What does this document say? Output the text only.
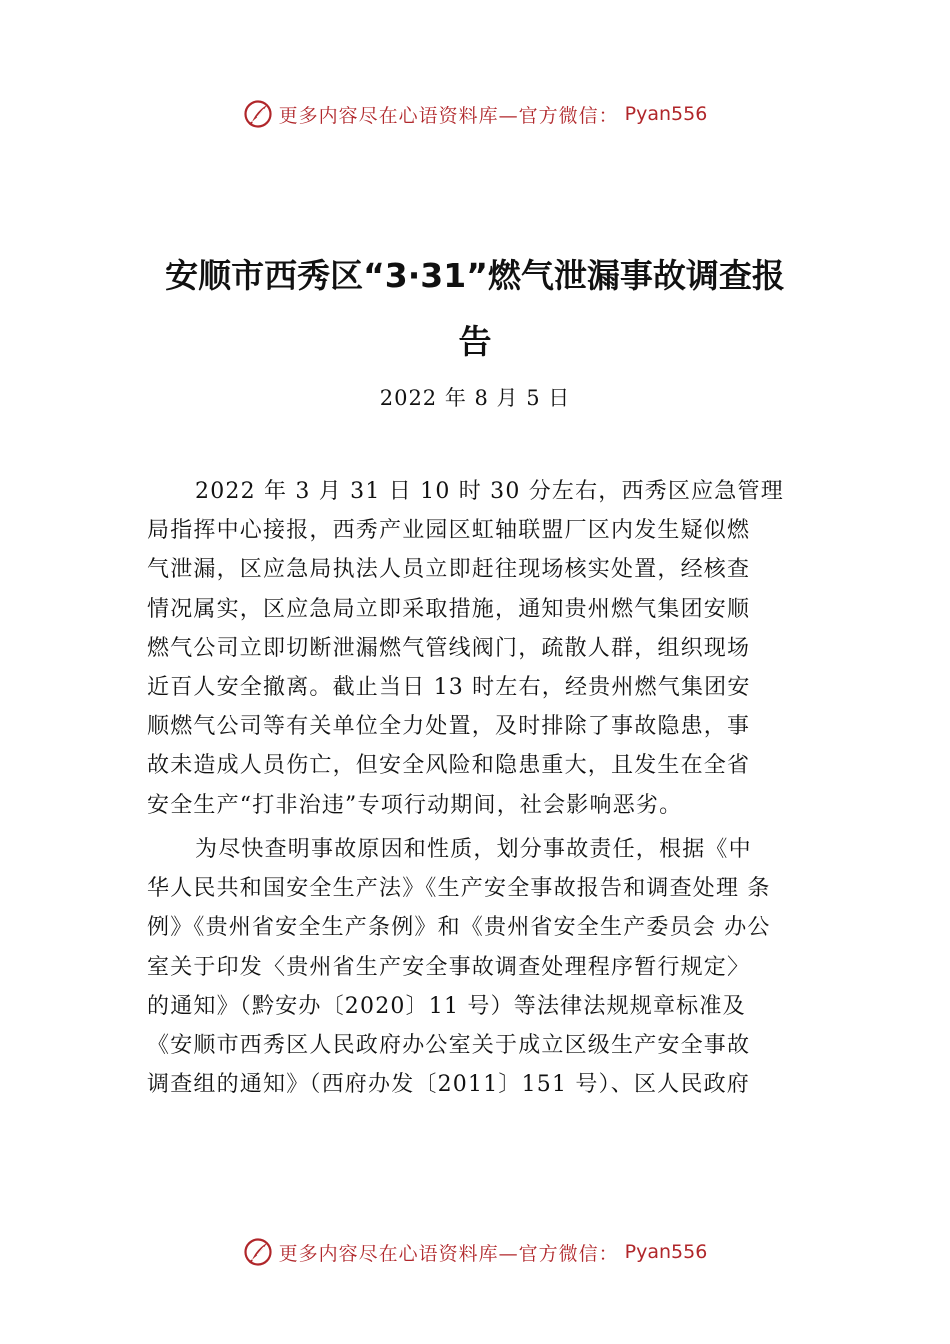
更多内容尽在心语资料库—官方微信： Pyan556
安顺市西秀区“3·31”燃气泄漏事故调查报
告
2022 年 8 月 5 日
2022 年 3 月 31 日 10 时 30 分左右，西秀区应急管理
局指挥中心接报，西秀产业园区虹轴联盟厂区内发生疑似燃
气泄漏，区应急局执法人员立即赶往现场核实处置，经核查
情况属实，区应急局立即采取措施，通知贵州燃气集团安顺
燃气公司立即切断泄漏燃气管线阀门，疏散人群，组织现场
近百人安全撤离。截止当日 13 时左右，经贵州燃气集团安
顺燃气公司等有关单位全力处置，及时排除了事故隐患，事
故未造成人员伤亡，但安全风险和隐患重大，且发生在全省
安全生产“打非治违”专项行动期间，社会影响恶劣。
为尽快查明事故原因和性质，划分事故责任，根据《中
华人民共和国安全生产法》《生产安全事故报告和调查处理 条
例》《贵州省安全生产条例》和《贵州省安全生产委员会 办公
室关于印发〈贵州省生产安全事故调查处理程序暂行规定〉
的通知》（黔安办〔2020〕11 号）等法律法规规章标准及
《安顺市西秀区人民政府办公室关于成立区级生产安全事故
调查组的通知》（西府办发〔2011〕151 号）、区人民政府
更多内容尽在心语资料库—官方微信： Pyan556
